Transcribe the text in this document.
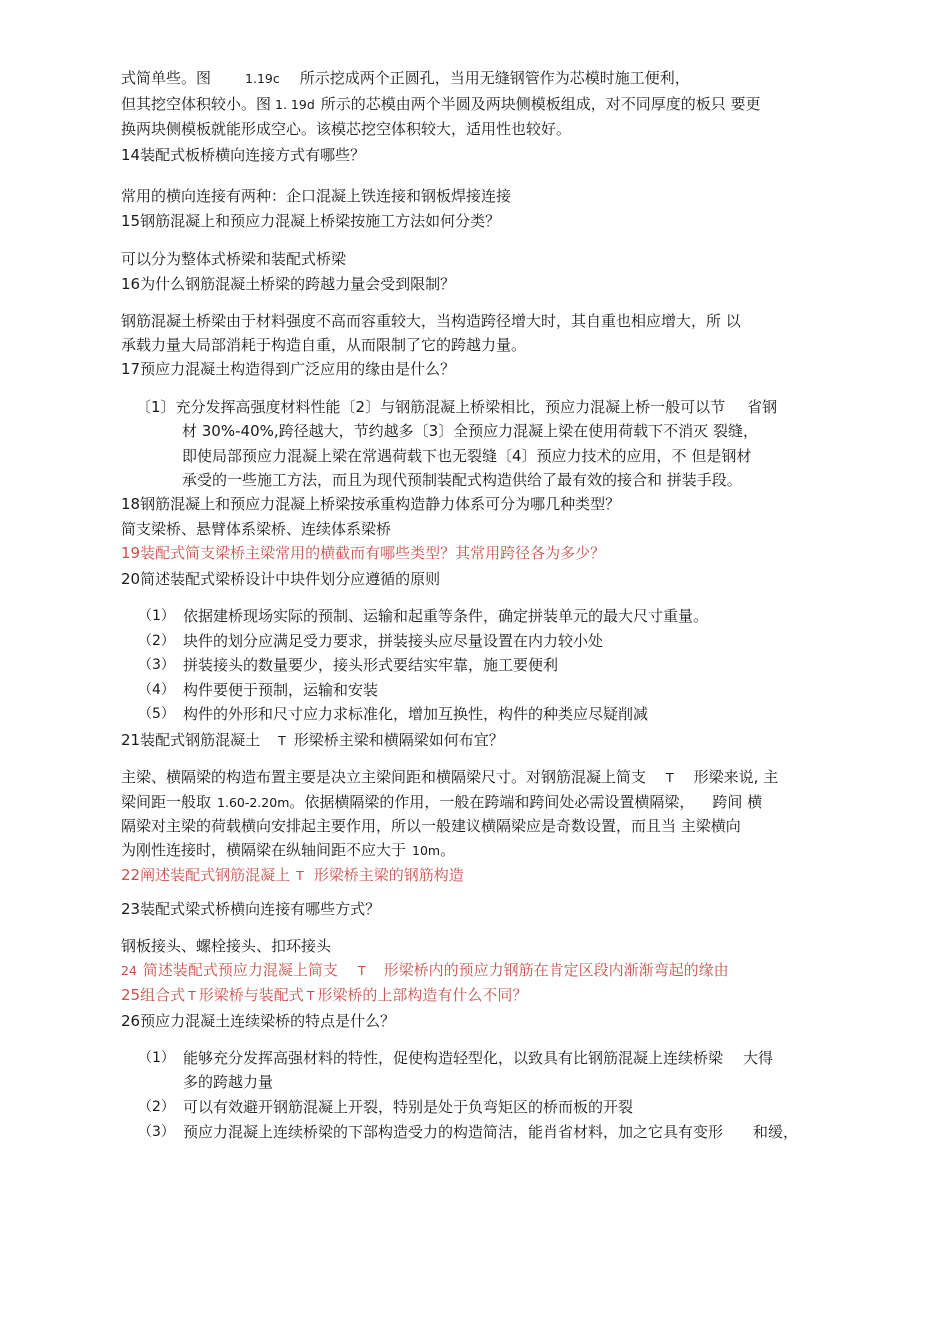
式简单些。图	1.19c 所示挖成两个正圆孔，当用无缝钢管作为芯模时施工便利，
但其挖空体积较小。图 1. 19d 所示的芯模由两个半圆及两块侧模板组成，对不同厚度的板只 要更
换两块侧模板就能形成空心。该模芯挖空体积较大，适用性也较好。
14装配式板桥横向连接方式有哪些？
常用的横向连接有两种：企口混凝上铁连接和钢板焊接连接
15钢筋混凝上和预应力混凝上桥梁按施工方法如何分类？
可以分为整体式桥梁和装配式桥梁
16为什么钢筋混凝土桥梁的跨越力量会受到限制？
钢筋混凝土桥梁由于材料强度不高而容重较大，当构造跨径增大时，其自重也相应增大，所 以
承载力量大局部消耗于构造自重，从而限制了它的跨越力量。
17预应力混凝土构造得到广泛应用的缘由是什么？
〔1〕充分发挥高强度材料性能〔2〕与钢筋混凝上桥梁相比，预应力混凝上桥一般可以节 省钢
材 30%-40%,跨径越大，节约越多〔3〕全预应力混凝上梁在使用荷载下不消灭 裂缝，
即使局部预应力混凝上梁在常遇荷载下也无裂缝〔4〕预应力技术的应用，不 但是钢材
承受的一些施工方法，而且为现代预制装配式构造供给了最有效的接合和 拼装手段。
18钢筋混凝上和预应力混凝上桥梁按承重构造静力体系可分为哪几种类型？
简支梁桥、悬臂体系梁桥、连续体系梁桥
19装配式简支梁桥主梁常用的横截而有哪些类型？其常用跨径各为多少？
20简述装配式梁桥设计中块件划分应遵循的原则
（1） 依据建桥现场实际的预制、运输和起重等条件，确定拼装单元的最大尺寸重量。
（2） 块件的划分应满足受力要求，拼装接头应尽量设置在内力较小处
（3） 拼装接头的数量要少，接头形式要结实牢靠，施工要便利
（4） 构件要便于预制，运输和安装
（5） 构件的外形和尺寸应力求标准化，增加互换性，构件的种类应尽疑削减
21装配式钢筋混凝土 T 形梁桥主梁和横隔梁如何布宜？
主梁、横隔梁的构造布置主要是决立主梁间距和横隔梁尺寸。对钢筋混凝上简支 T 形梁来说, 主
梁间距一般取 1.60-2.20m。依据横隔梁的作用，一般在跨端和跨间处必需设置横隔梁， 跨间 横
隔梁对主梁的荷载横向安排起主要作用，所以一般建议横隔梁应是奇数设置，而且当 主梁横向
为刚性连接时，横隔梁在纵轴间距不应大于 10m。
22阐述装配式钢筋混凝上 T 形梁桥主梁的钢筋构造
23装配式梁式桥横向连接有哪些方式？
钢板接头、螺栓接头、扣环接头
24 简述装配式预应力混凝上简支 T 形梁桥内的预应力钢筋在肯定区段内渐渐弯起的缘由
25组合式 T 形梁桥与装配式 T 形梁桥的上部构造有什么不同？
26预应力混凝土连续梁桥的特点是什么？
（1） 能够充分发挥高强材料的特性，促使构造轻型化，以致具有比钢筋混凝上连续桥梁 大得
多的跨越力量
（2） 可以有效避开钢筋混凝上开裂，特别是处于负弯矩区的桥而板的开裂
（3） 预应力混凝上连续桥梁的下部构造受力的构造简洁，能肖省材料，加之它具有变形 和缓，
